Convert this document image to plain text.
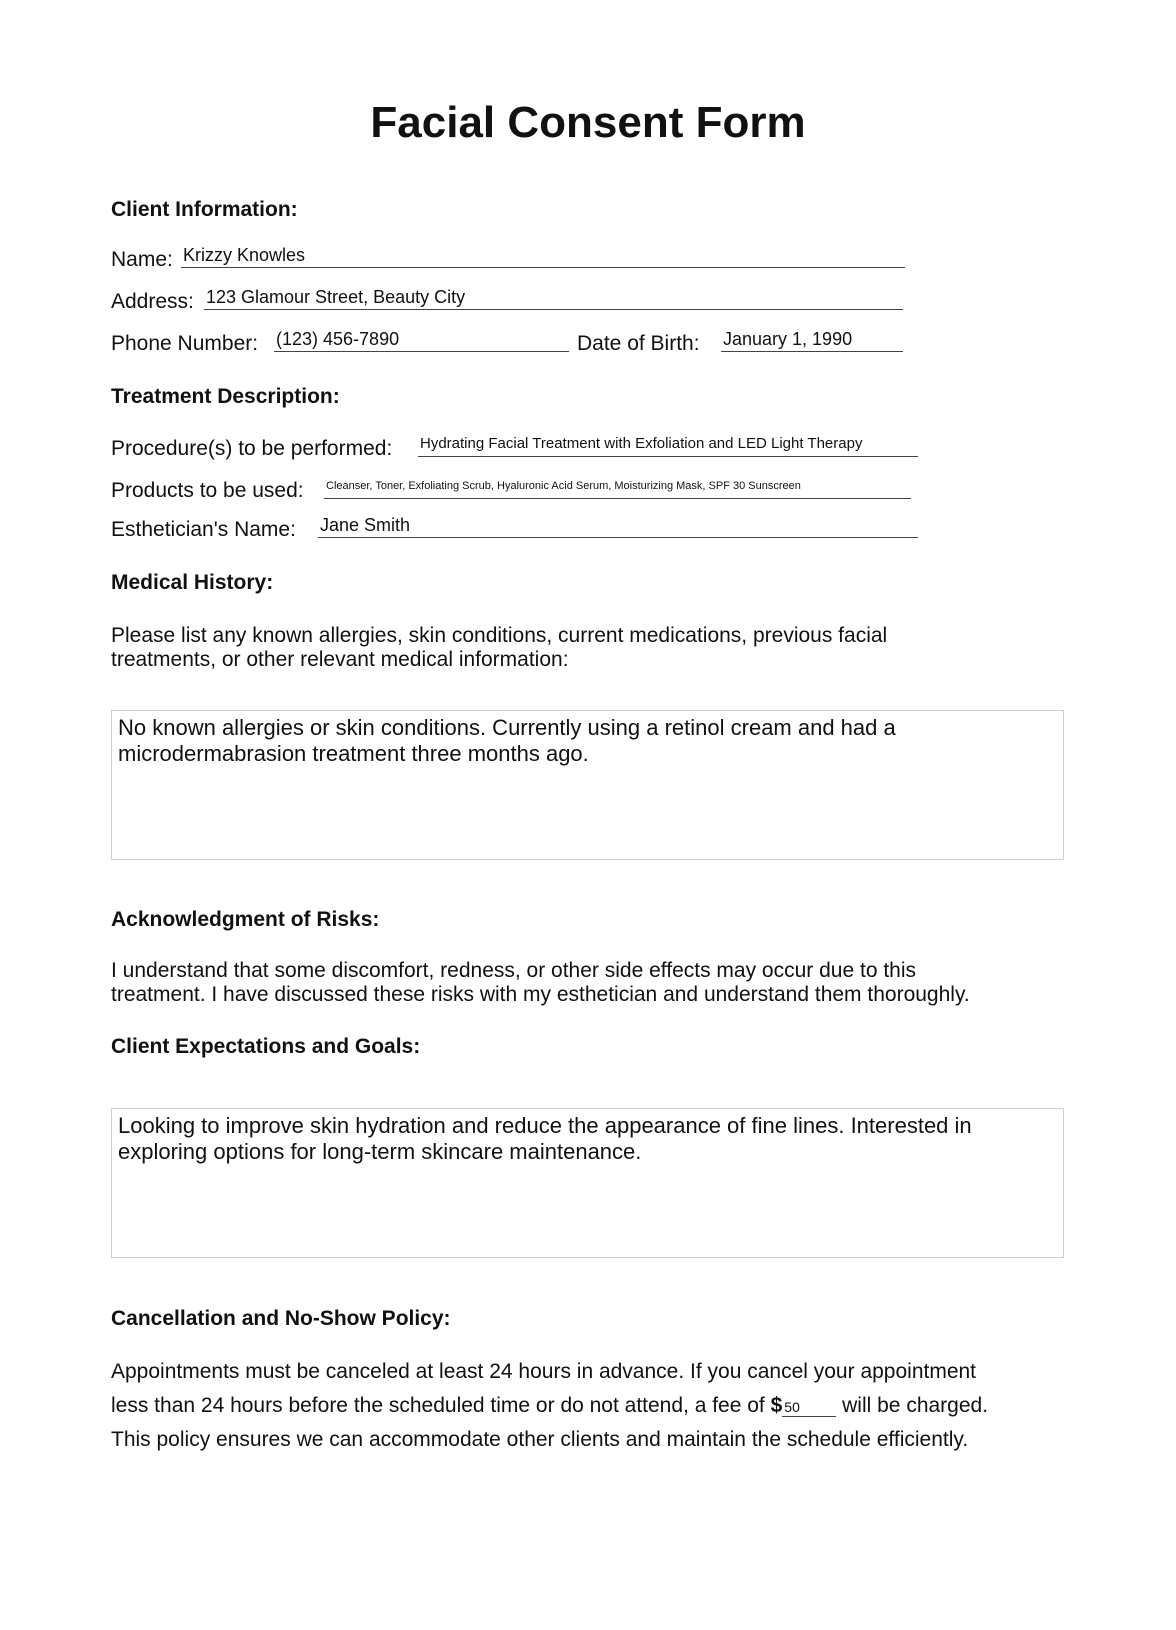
Facial Consent Form
Client Information:
Name: Krizzy Knowles
Address: 123 Glamour Street, Beauty City
Phone Number: (123) 456-7890	Date of Birth: January 1, 1990
Treatment Description:
Procedure(s) to be performed: Hydrating Facial Treatment with Exfoliation and LED Light Therapy
Products to be used: Cleanser, Toner, Exfoliating Scrub, Hyaluronic Acid Serum, Moisturizing Mask, SPF 30 Sunscreen
Esthetician's Name: Jane Smith
Medical History:

Please list any known allergies, skin conditions, current medications, previous facial
treatments, or other relevant medical information:

No known allergies or skin conditions. Currently using a retinol cream and had a
microdermabrasion treatment three months ago.
Acknowledgment of Risks:

I understand that some discomfort, redness, or other side effects may occur due to this
treatment. I have discussed these risks with my esthetician and understand them thoroughly.

Client Expectations and Goals:
Looking to improve skin hydration and reduce the appearance of fine lines. Interested in
exploring options for long-term skincare maintenance.
Cancellation and No-Show Policy:
Appointments must be canceled at least 24 hours in advance. If you cancel your appointment
less than 24 hours before the scheduled time or do not attend, a fee of $ 50 will be charged.
This policy ensures we can accommodate other clients and maintain the schedule efficiently.
